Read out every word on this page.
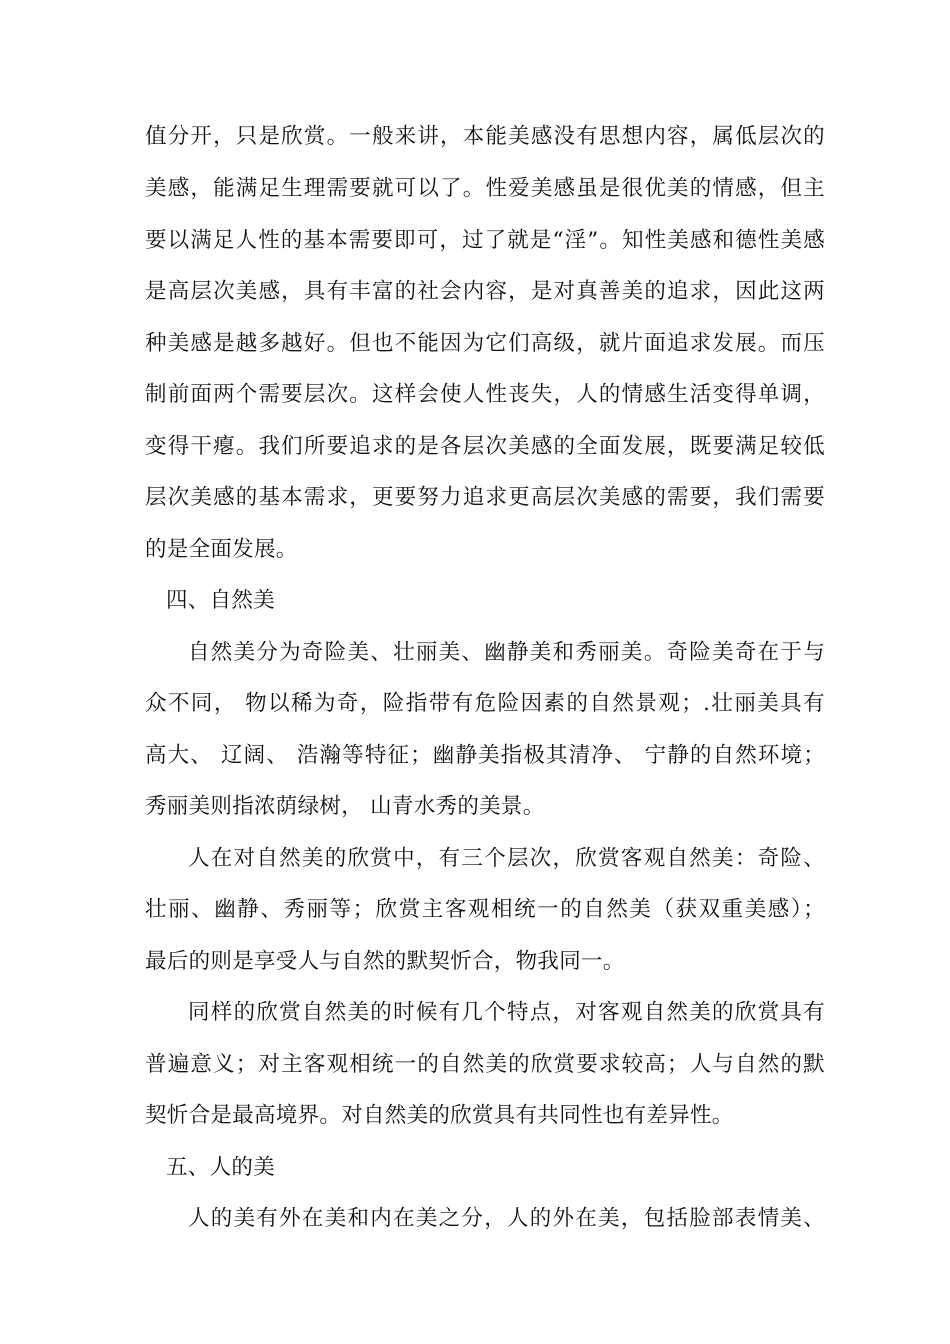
值分开，只是欣赏。一般来讲，本能美感没有思想内容，属低层次的
美感，能满足生理需要就可以了。性爱美感虽是很优美的情感，但主
要以满足人性的基本需要即可，过了就是“淫”。知性美感和德性美感
是高层次美感，具有丰富的社会内容，是对真善美的追求，因此这两
种美感是越多越好。但也不能因为它们高级，就片面追求发展。而压
制前面两个需要层次。这样会使人性丧失，人的情感生活变得单调，
变得干瘪。我们所要追求的是各层次美感的全面发展，既要满足较低
层次美感的基本需求，更要努力追求更高层次美感的需要，我们需要
的是全面发展。
四、自然美
自然美分为奇险美、壮丽美、幽静美和秀丽美。奇险美奇在于与
众不同， 物以稀为奇，险指带有危险因素的自然景观；.壮丽美具有
高大、 辽阔、 浩瀚等特征；幽静美指极其清净、 宁静的自然环境；
秀丽美则指浓荫绿树， 山青水秀的美景。
人在对自然美的欣赏中，有三个层次，欣赏客观自然美：奇险、
壮丽、幽静、秀丽等；欣赏主客观相统一的自然美（获双重美感）；
最后的则是享受人与自然的默契忻合，物我同一。
同样的欣赏自然美的时候有几个特点，对客观自然美的欣赏具有
普遍意义；对主客观相统一的自然美的欣赏要求较高；人与自然的默
契忻合是最高境界。对自然美的欣赏具有共同性也有差异性。
五、人的美
人的美有外在美和内在美之分，人的外在美，包括脸部表情美、
